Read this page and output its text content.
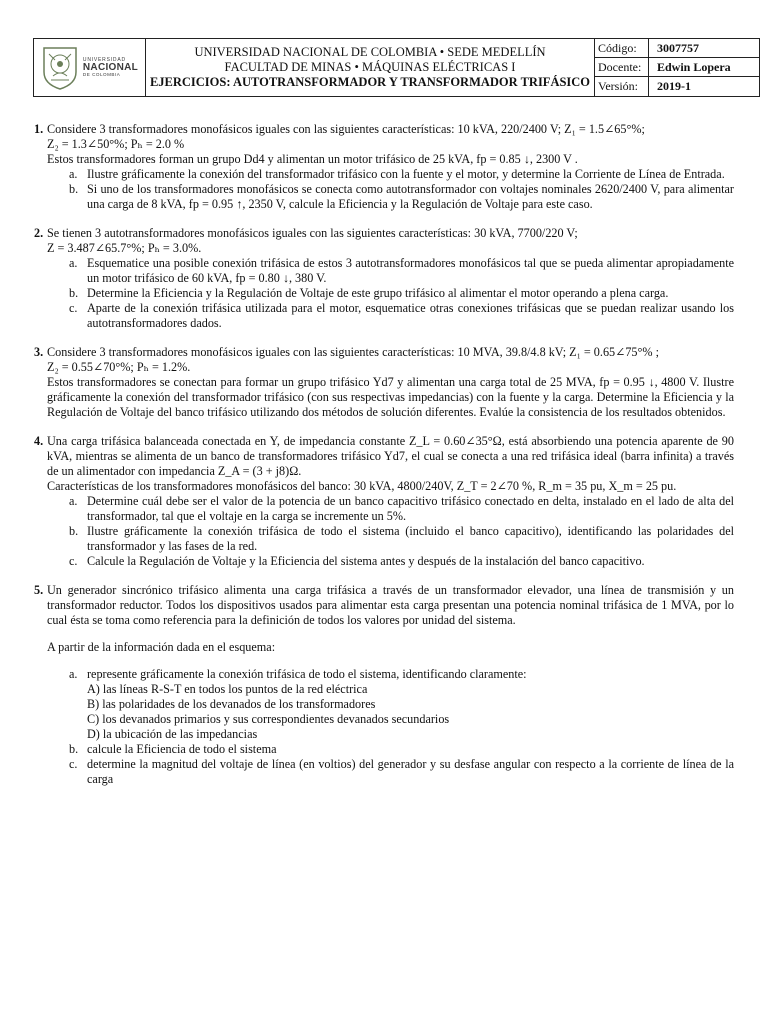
UNIVERSIDAD
NACIONAL
DE COLOMBIA
UNIVERSIDAD NACIONAL DE COLOMBIA • SEDE MEDELLÍN
FACULTAD DE MINAS • MÁQUINAS ELÉCTRICAS I
EJERCICIOS: AUTOTRANSFORMADOR Y TRANSFORMADOR TRIFÁSICO
Código:	3007757
Docente:	Edwin Lopera
Versión:	2019-1
1. Considere 3 transformadores monofásicos iguales con las siguientes características: 10 kVA, 220/2400 V; Z₁ = 1.5∠65°%;

Z₂ = 1.3∠50°%; Pₕ = 2.0 %

Estos transformadores forman un grupo Dd4 y alimentan un motor trifásico de 25 kVA, fp = 0.85 ↓, 2300 V .

a. Ilustre gráficamente la conexión del transformador trifásico con la fuente y el motor, y determine la Corriente de Línea de Entrada.
b. Si uno de los transformadores monofásicos se conecta como autotransformador con voltajes nominales 2620/2400 V, para alimentar una carga de 8 kVA, fp = 0.95 ↑, 2350 V, calcule la Eficiencia y la Regulación de Voltaje para este caso.
2. Se tienen 3 autotransformadores monofásicos iguales con las siguientes características: 30 kVA, 7700/220 V;

Z = 3.487∠65.7°%; Pₕ = 3.0%.

a. Esquematice una posible conexión trifásica de estos 3 autotransformadores monofásicos tal que se pueda alimentar apropiadamente un motor trifásico de 60 kVA, fp = 0.80 ↓, 380 V.
b. Determine la Eficiencia y la Regulación de Voltaje de este grupo trifásico al alimentar el motor operando a plena carga.
c. Aparte de la conexión trifásica utilizada para el motor, esquematice otras conexiones trifásicas que se puedan realizar usando los autotransformadores dados.
3. Considere 3 transformadores monofásicos iguales con las siguientes características: 10 MVA, 39.8/4.8 kV; Z₁ = 0.65∠75°% ;

Z₂ = 0.55∠70°%; Pₕ = 1.2%.

Estos transformadores se conectan para formar un grupo trifásico Yd7 y alimentan una carga total de 25 MVA, fp = 0.95 ↓, 4800 V. Ilustre gráficamente la conexión del transformador trifásico (con sus respectivas impedancias) con la fuente y la carga. Determine la Eficiencia y la Regulación de Voltaje del banco trifásico utilizando dos métodos de solución diferentes. Evalúe la consistencia de los resultados obtenidos.

4. Una carga trifásica balanceada conectada en Y, de impedancia constante Z_L = 0.60∠35°Ω, está absorbiendo una potencia aparente de 90 kVA, mientras se alimenta de un banco de transformadores trifásico Yd7, el cual se conecta a una red trifásica ideal (barra infinita) a través de un alimentador con impedancia Z_A = (3 + j8)Ω.

Características de los transformadores monofásicos del banco: 30 kVA, 4800/240V, Z_T = 2∠70 %, R_m = 35 pu, X_m = 25 pu.

a. Determine cuál debe ser el valor de la potencia de un banco capacitivo trifásico conectado en delta, instalado en el lado de alta del transformador, tal que el voltaje en la carga se incremente un 5%.
b. Ilustre gráficamente la conexión trifásica de todo el sistema (incluido el banco capacitivo), identificando las polaridades del transformador y las fases de la red.
c. Calcule la Regulación de Voltaje y la Eficiencia del sistema antes y después de la instalación del banco capacitivo.
5. Un generador sincrónico trifásico alimenta una carga trifásica a través de un transformador elevador, una línea de transmisión y un transformador reductor. Todos los dispositivos usados para alimentar esta carga presentan una potencia nominal trifásica de 1 MVA, por lo cual ésta se toma como referencia para la definición de todos los valores por unidad del sistema.

A partir de la información dada en el esquema:

a. represente gráficamente la conexión trifásica de todo el sistema, identificando claramente:
A) las líneas R-S-T en todos los puntos de la red eléctrica
B) las polaridades de los devanados de los transformadores
C) los devanados primarios y sus correspondientes devanados secundarios
D) la ubicación de las impedancias
b. calcule la Eficiencia de todo el sistema
c. determine la magnitud del voltaje de línea (en voltios) del generador y su desfase angular con respecto a la corriente de línea de la carga
